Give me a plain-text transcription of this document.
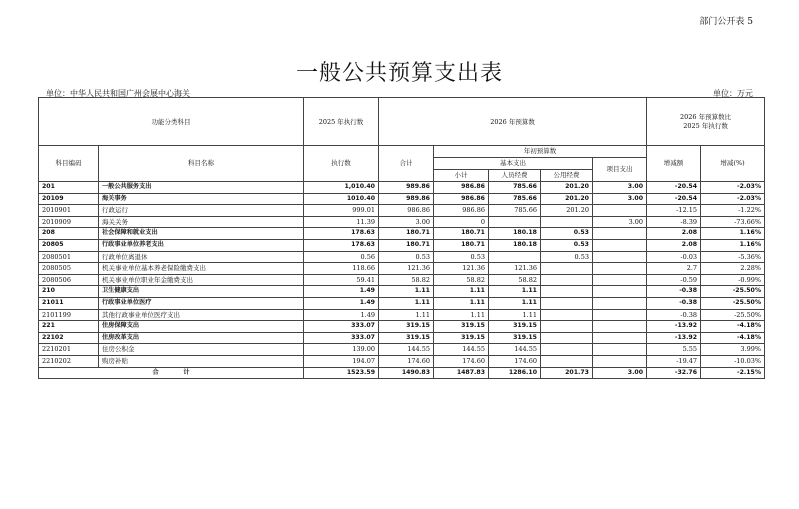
部门公开表 5
一般公共预算支出表
单位：中华人民共和国广州会展中心海关	单位：万元
功能分类科目		2025 年执行数	2026 年预算数					2026 年预算数比
2025 年执行数	
科目编码	科目名称	执行数	合计	年初预算数				增减额	增减(%)
				基本支出			项目支出		
				小计	人员经费	公用经费			
201	一般公共服务支出	1,010.40	989.86	986.86	785.66	201.20	3.00	-20.54	-2.03%
20109	海关事务	1010.40	989.86	986.86	785.66	201.20	3.00	-20.54	-2.03%
2010901	行政运行	999.01	986.86	986.86	785.66	201.20		-12.15	-1.22%
2010909	海关关务	11.39	3.00	0			3.00	-8.39	-73.66%
208	社会保障和就业支出	178.63	180.71	180.71	180.18	0.53		2.08	1.16%
20805	行政事业单位养老支出	178.63	180.71	180.71	180.18	0.53		2.08	1.16%
2080501	行政单位离退休	0.56	0.53	0.53		0.53		-0.03	-5.36%
2080505	机关事业单位基本养老保险缴费支出	118.66	121.36	121.36	121.36			2.7	2.28%
2080506	机关事业单位职业年金缴费支出	59.41	58.82	58.82	58.82			-0.59	-0.99%
210	卫生健康支出	1.49	1.11	1.11	1.11			-0.38	-25.50%
21011	行政事业单位医疗	1.49	1.11	1.11	1.11			-0.38	-25.50%
2101199	其他行政事业单位医疗支出	1.49	1.11	1.11	1.11			-0.38	-25.50%
221	住房保障支出	333.07	319.15	319.15	319.15			-13.92	-4.18%
22102	住房改革支出	333.07	319.15	319.15	319.15			-13.92	-4.18%
2210201	住房公积金	139.00	144.55	144.55	144.55			5.55	3.99%
2210202	购房补贴	194.07	174.60	174.60	174.60			-19.47	-10.03%
合　　　　计		1523.59	1490.83	1487.83	1286.10	201.73	3.00	-32.76	-2.15%
